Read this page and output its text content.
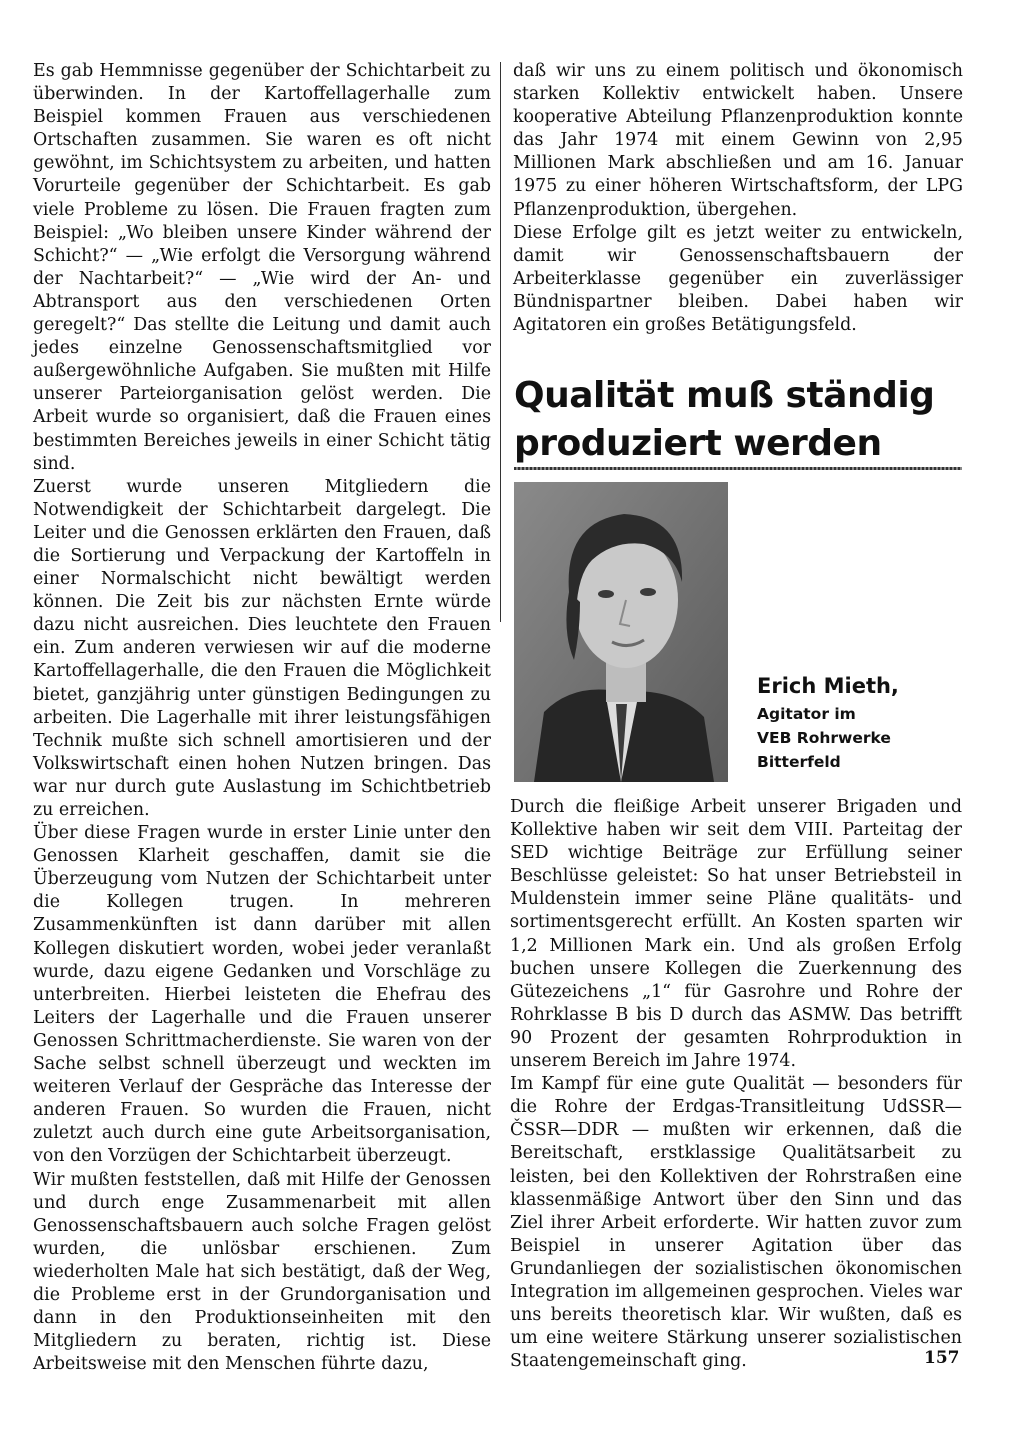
Es gab Hemmnisse gegenüber der Schichtarbeit zu überwinden. In der Kartoffellagerhalle zum Beispiel kommen Frauen aus verschiedenen Ortschaften zusammen. Sie waren es oft nicht gewöhnt, im Schichtsystem zu arbeiten, und hatten Vorurteile gegenüber der Schichtarbeit. Es gab viele Probleme zu lösen. Die Frauen fragten zum Beispiel: „Wo bleiben unsere Kinder während der Schicht?“ — „Wie erfolgt die Versorgung während der Nachtarbeit?“ — „Wie wird der An- und Abtransport aus den verschiedenen Orten geregelt?“ Das stellte die Leitung und damit auch jedes einzelne Genossenschaftsmitglied vor außergewöhnliche Aufgaben. Sie mußten mit Hilfe unserer Parteiorganisation gelöst werden. Die Arbeit wurde so organisiert, daß die Frauen eines bestimmten Bereiches jeweils in einer Schicht tätig sind.

Zuerst wurde unseren Mitgliedern die Notwendigkeit der Schichtarbeit dargelegt. Die Leiter und die Genossen erklärten den Frauen, daß die Sortierung und Verpackung der Kartoffeln in einer Normalschicht nicht bewältigt werden können. Die Zeit bis zur nächsten Ernte würde dazu nicht ausreichen. Dies leuchtete den Frauen ein. Zum anderen verwiesen wir auf die moderne Kartoffellagerhalle, die den Frauen die Möglichkeit bietet, ganzjährig unter günstigen Bedingungen zu arbeiten. Die Lagerhalle mit ihrer leistungsfähigen Technik mußte sich schnell amortisieren und der Volkswirtschaft einen hohen Nutzen bringen. Das war nur durch gute Auslastung im Schichtbetrieb zu erreichen.

Über diese Fragen wurde in erster Linie unter den Genossen Klarheit geschaffen, damit sie die Überzeugung vom Nutzen der Schichtarbeit unter die Kollegen trugen. In mehreren Zusammenkünften ist dann darüber mit allen Kollegen diskutiert worden, wobei jeder veranlaßt wurde, dazu eigene Gedanken und Vorschläge zu unterbreiten. Hierbei leisteten die Ehefrau des Leiters der Lagerhalle und die Frauen unserer Genossen Schrittmacherdienste. Sie waren von der Sache selbst schnell überzeugt und weckten im weiteren Verlauf der Gespräche das Interesse der anderen Frauen. So wurden die Frauen, nicht zuletzt auch durch eine gute Arbeitsorganisation, von den Vorzügen der Schichtarbeit überzeugt.

Wir mußten feststellen, daß mit Hilfe der Genossen und durch enge Zusammenarbeit mit allen Genossenschaftsbauern auch solche Fragen gelöst wurden, die unlösbar erschienen. Zum wiederholten Male hat sich bestätigt, daß der Weg, die Probleme erst in der Grundorganisation und dann in den Produktionseinheiten mit den Mitgliedern zu beraten, richtig ist. Diese Arbeitsweise mit den Menschen führte dazu,

daß wir uns zu einem politisch und ökonomisch starken Kollektiv entwickelt haben. Unsere kooperative Abteilung Pflanzenproduktion konnte das Jahr 1974 mit einem Gewinn von 2,95 Millionen Mark abschließen und am 16. Januar 1975 zu einer höheren Wirtschaftsform, der LPG Pflanzenproduktion, übergehen.

Diese Erfolge gilt es jetzt weiter zu entwickeln, damit wir Genossenschaftsbauern der Arbeiterklasse gegenüber ein zuverlässiger Bündnispartner bleiben. Dabei haben wir Agitatoren ein großes Betätigungsfeld.

Qualität muß ständig
produziert werden
Erich Mieth,
Agitator im
VEB Rohrwerke
Bitterfeld

Durch die fleißige Arbeit unserer Brigaden und Kollektive haben wir seit dem VIII. Parteitag der SED wichtige Beiträge zur Erfüllung seiner Beschlüsse geleistet: So hat unser Betriebsteil in Muldenstein immer seine Pläne qualitäts- und sortimentsgerecht erfüllt. An Kosten sparten wir 1,2 Millionen Mark ein. Und als großen Erfolg buchen unsere Kollegen die Zuerkennung des Gütezeichens „1“ für Gasrohre und Rohre der Rohrklasse B bis D durch das ASMW. Das betrifft 90 Prozent der gesamten Rohrproduktion in unserem Bereich im Jahre 1974.

Im Kampf für eine gute Qualität — besonders für die Rohre der Erdgas-Transitleitung UdSSR—ČSSR—DDR — mußten wir erkennen, daß die Bereitschaft, erstklassige Qualitätsarbeit zu leisten, bei den Kollektiven der Rohrstraßen eine klassenmäßige Antwort über den Sinn und das Ziel ihrer Arbeit erforderte. Wir hatten zuvor zum Beispiel in unserer Agitation über das Grundanliegen der sozialistischen ökonomischen Integration im allgemeinen gesprochen. Vieles war uns bereits theoretisch klar. Wir wußten, daß es um eine weitere Stärkung unserer sozialistischen Staatengemeinschaft ging.	157
